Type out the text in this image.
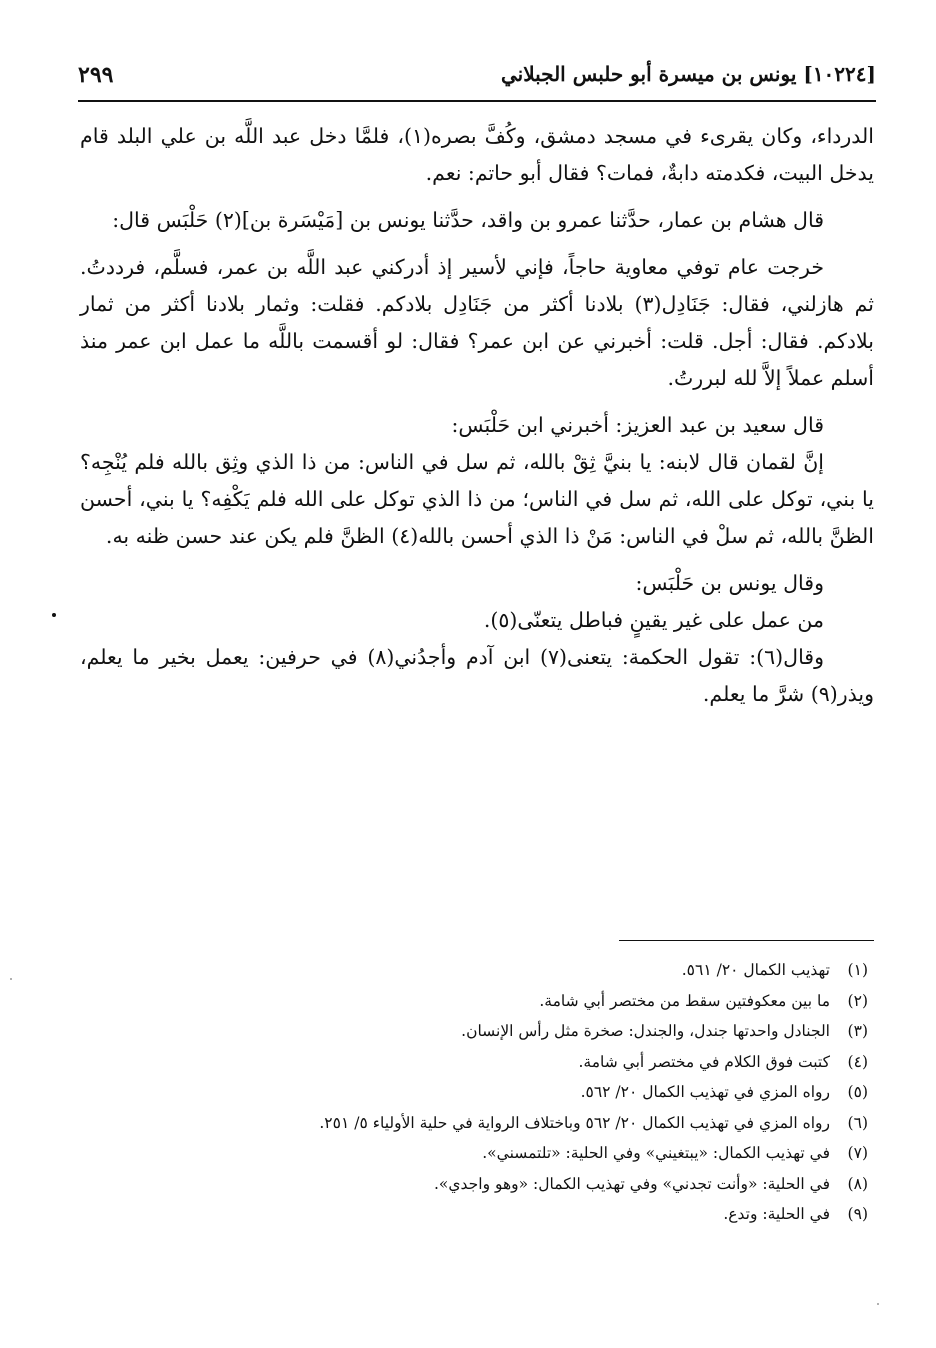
[١٠٢٢٤] يونس بن ميسرة أبو حلبس الجبلاني
٢٩٩

الدرداء، وكان يقرىء في مسجد دمشق، وكُفَّ بصره(١)، فلمَّا دخل عبد اللَّه بن علي البلد قام يدخل البيت، فكدمته دابةٌ، فمات؟ فقال أبو حاتم: نعم.

قال هشام بن عمار، حدَّثنا عمرو بن واقد، حدَّثنا يونس بن [مَيْسَرة بن](٢) حَلْبَس قال:

خرجت عام توفي معاوية حاجاً، فإني لأسير إذ أدركني عبد اللَّه بن عمر، فسلَّم، فرددتُ. ثم هازلني، فقال: جَنَادِل(٣) بلادنا أكثر من جَنَادِل بلادكم. فقلت: وثمار بلادنا أكثر من ثمار بلادكم. فقال: أجل. قلت: أخبرني عن ابن عمر؟ فقال: لو أقسمت باللَّه ما عمل ابن عمر منذ أسلم عملاً إلاَّ لله لبررتُ.

قال سعيد بن عبد العزيز: أخبرني ابن حَلْبَس:

إنَّ لقمان قال لابنه: يا بنيَّ ثِقْ بالله، ثم سل في الناس: من ذا الذي وثِق بالله فلم يُنْجِه؟ يا بني، توكل على الله، ثم سل في الناس؛ من ذا الذي توكل على الله فلم يَكْفِه؟ يا بني، أحسن الظنَّ بالله، ثم سلْ في الناس: مَنْ ذا الذي أحسن بالله(٤) الظنَّ فلم يكن عند حسن ظنه به.

وقال يونس بن حَلْبَس:

من عمل على غير يقينٍ فباطل يتعنّى(٥).

وقال(٦): تقول الحكمة: يتعنى(٧) ابن آدم وأجدُني(٨) في حرفين: يعمل بخير ما يعلم، ويذر(٩) شرَّ ما يعلم.

(١)تهذيب الكمال ٢٠/ ٥٦١.
(٢)ما بين معكوفتين سقط من مختصر أبي شامة.
(٣)الجنادل واحدتها جندل، والجندل: صخرة مثل رأس الإنسان.
(٤)كتبت فوق الكلام في مختصر أبي شامة.
(٥)رواه المزي في تهذيب الكمال ٢٠/ ٥٦٢.
(٦)رواه المزي في تهذيب الكمال ٢٠/ ٥٦٢ وباختلاف الرواية في حلية الأولياء ٥/ ٢٥١.
(٧)في تهذيب الكمال: «يبتغيني» وفي الحلية: «تلتمسني».
(٨)في الحلية: «وأنت تجدني» وفي تهذيب الكمال: «وهو واجدي».
(٩)في الحلية: وتدع.
